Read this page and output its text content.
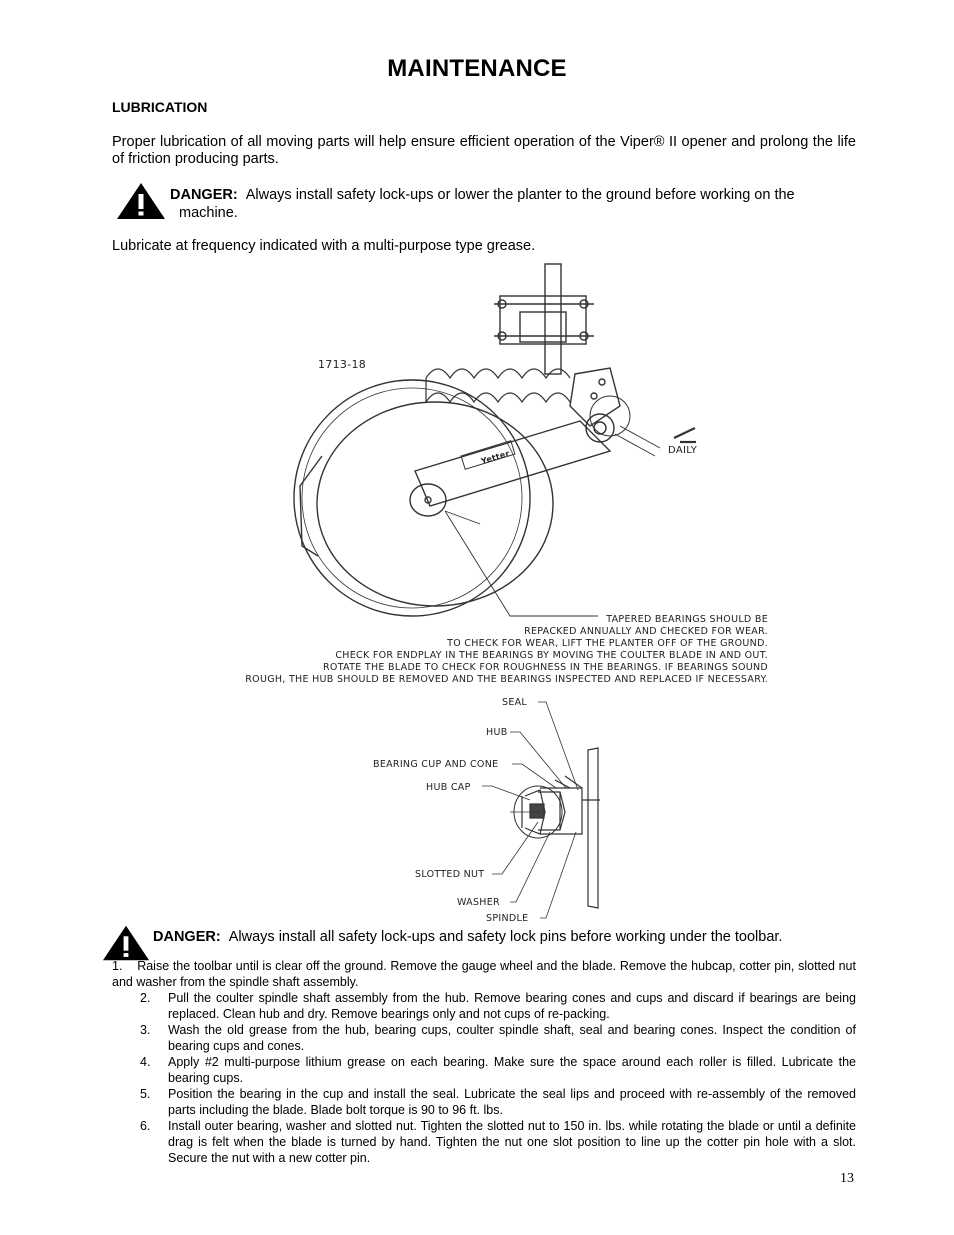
MAINTENANCE
LUBRICATION
Proper lubrication of all moving parts will help ensure efficient operation of the Viper® II opener and prolong the life of friction producing parts.
DANGER: Always install safety lock-ups or lower the planter to the ground before working on the
machine.
Lubricate at frequency indicated with a multi-purpose type grease.
1713-18
Yetter	DAILY
TAPERED BEARINGS SHOULD BE
REPACKED ANNUALLY AND CHECKED FOR WEAR.
TO CHECK FOR WEAR, LIFT THE PLANTER OFF OF THE GROUND.
CHECK FOR ENDPLAY IN THE BEARINGS BY MOVING THE COULTER BLADE IN AND OUT.
ROTATE THE BLADE TO CHECK FOR ROUGHNESS IN THE BEARINGS. IF BEARINGS SOUND
ROUGH, THE HUB SHOULD BE REMOVED AND THE BEARINGS INSPECTED AND REPLACED IF NECESSARY.
SEAL
HUB
BEARING CUP AND CONE
HUB CAP
SLOTTED NUT
WASHER
SPINDLE
DANGER: Always install all safety lock-ups and safety lock pins before working under the toolbar.
1. Raise the toolbar until is clear off the ground. Remove the gauge wheel and the blade. Remove the hubcap, cotter pin, slotted nut and washer from the spindle shaft assembly.
2. Pull the coulter spindle shaft assembly from the hub. Remove bearing cones and cups and discard if bearings are being replaced. Clean hub and dry. Remove bearings only and not cups of re-packing.
3. Wash the old grease from the hub, bearing cups, coulter spindle shaft, seal and bearing cones. Inspect the condition of bearing cups and cones.
4. Apply #2 multi-purpose lithium grease on each bearing. Make sure the space around each roller is filled. Lubricate the bearing cups.
5. Position the bearing in the cup and install the seal. Lubricate the seal lips and proceed with re-assembly of the removed parts including the blade. Blade bolt torque is 90 to 96 ft. lbs.
6. Install outer bearing, washer and slotted nut. Tighten the slotted nut to 150 in. lbs. while rotating the blade or until a definite drag is felt when the blade is turned by hand. Tighten the nut one slot position to line up the cotter pin hole with a slot. Secure the nut with a new cotter pin.
13
